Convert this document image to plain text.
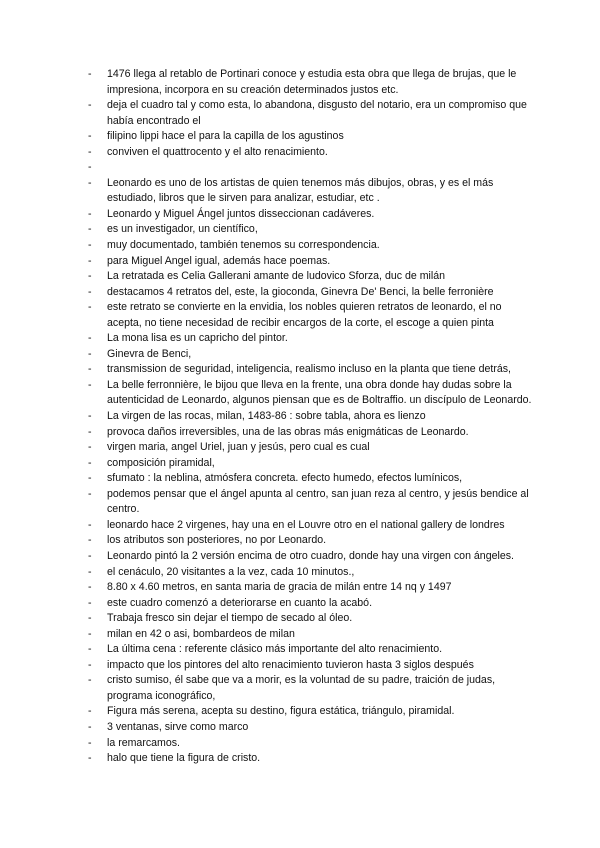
- 1476 llega al retablo de Portinari conoce y estudia esta obra que llega de brujas, que le impresiona, incorpora en su creación determinados justos etc.
- deja el cuadro tal y como esta, lo abandona, disgusto del notario, era un compromiso que había encontrado el
- filipino lippi hace el para la capilla de los agustinos
- conviven el quattrocento y el alto renacimiento.
-
- Leonardo es uno de los artistas de quien tenemos más dibujos, obras, y es el más estudiado, libros que le sirven para analizar, estudiar, etc .
- Leonardo y Miguel Ángel juntos disseccionan cadáveres.
- es un investigador, un científico,
- muy documentado, también tenemos su correspondencia.
- para Miguel Angel igual, además hace poemas.
- La retratada es Celia Gallerani amante de ludovico Sforza, duc de milán
- destacamos 4 retratos del, este, la gioconda, Ginevra De' Benci, la belle ferronière
- este retrato se convierte en la envidia, los nobles quieren retratos de leonardo, el no acepta, no tiene necesidad de recibir encargos de la corte, el escoge a quien pinta
- La mona lisa es un capricho del pintor.
- Ginevra de Benci,
- transmission de seguridad, inteligencia, realismo incluso en la planta que tiene detrás,
- La belle ferronnière, le bijou que lleva en la frente, una obra donde hay dudas sobre la autenticidad de Leonardo, algunos piensan que es de Boltraffio. un discípulo de Leonardo.
- La virgen de las rocas, milan, 1483-86 : sobre tabla, ahora es lienzo
- provoca daños irreversibles, una de las obras más enigmáticas de Leonardo.
- virgen maria, angel Uriel, juan y jesús, pero cual es cual
- composición piramidal,
- sfumato : la neblina, atmósfera concreta. efecto humedo, efectos lumínicos,
- podemos pensar que el ángel apunta al centro, san juan reza al centro, y jesús bendice al centro.
- leonardo hace 2 virgenes, hay una en el Louvre otro en el national gallery de londres
- los atributos son posteriores, no por Leonardo.
- Leonardo pintó la 2 versión encima de otro cuadro, donde hay una virgen con ángeles.
- el cenáculo, 20 visitantes a la vez, cada 10 minutos.,
- 8.80 x 4.60 metros, en santa maria de gracia de milán entre 14 nq y 1497
- este cuadro comenzó a deteriorarse en cuanto la acabó.
- Trabaja fresco sin dejar el tiempo de secado al óleo.
- milan en 42 o asi, bombardeos de milan
- La última cena : referente clásico más importante del alto renacimiento.
- impacto que los pintores del alto renacimiento tuvieron hasta 3 siglos después
- cristo sumiso, él sabe que va a morir, es la voluntad de su padre, traición de judas, programa iconográfico,
- Figura más serena, acepta su destino, figura estática, triángulo, piramidal.
- 3 ventanas, sirve como marco
- la remarcamos.
- halo que tiene la figura de cristo.
